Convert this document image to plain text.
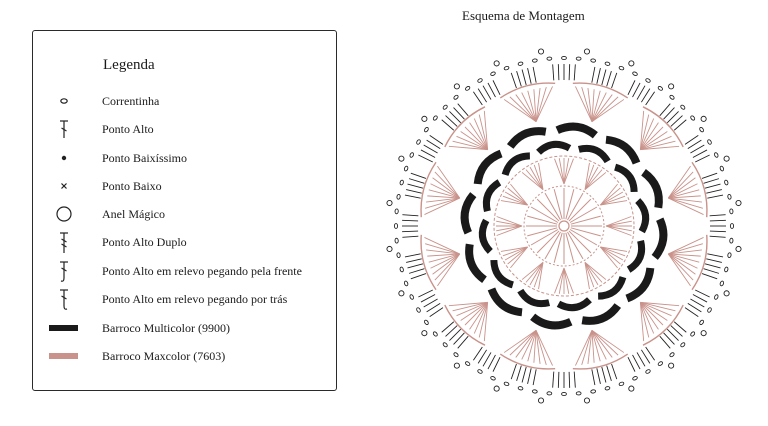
Legenda
Correntinha
Ponto Alto
Ponto Baixíssimo
Ponto Baixo
Anel Mágico
Ponto Alto Duplo
Ponto Alto em relevo pegando pela frente
Ponto Alto em relevo pegando por trás
Barroco Multicolor (9900)
Barroco Maxcolor (7603)
Esquema de Montagem
